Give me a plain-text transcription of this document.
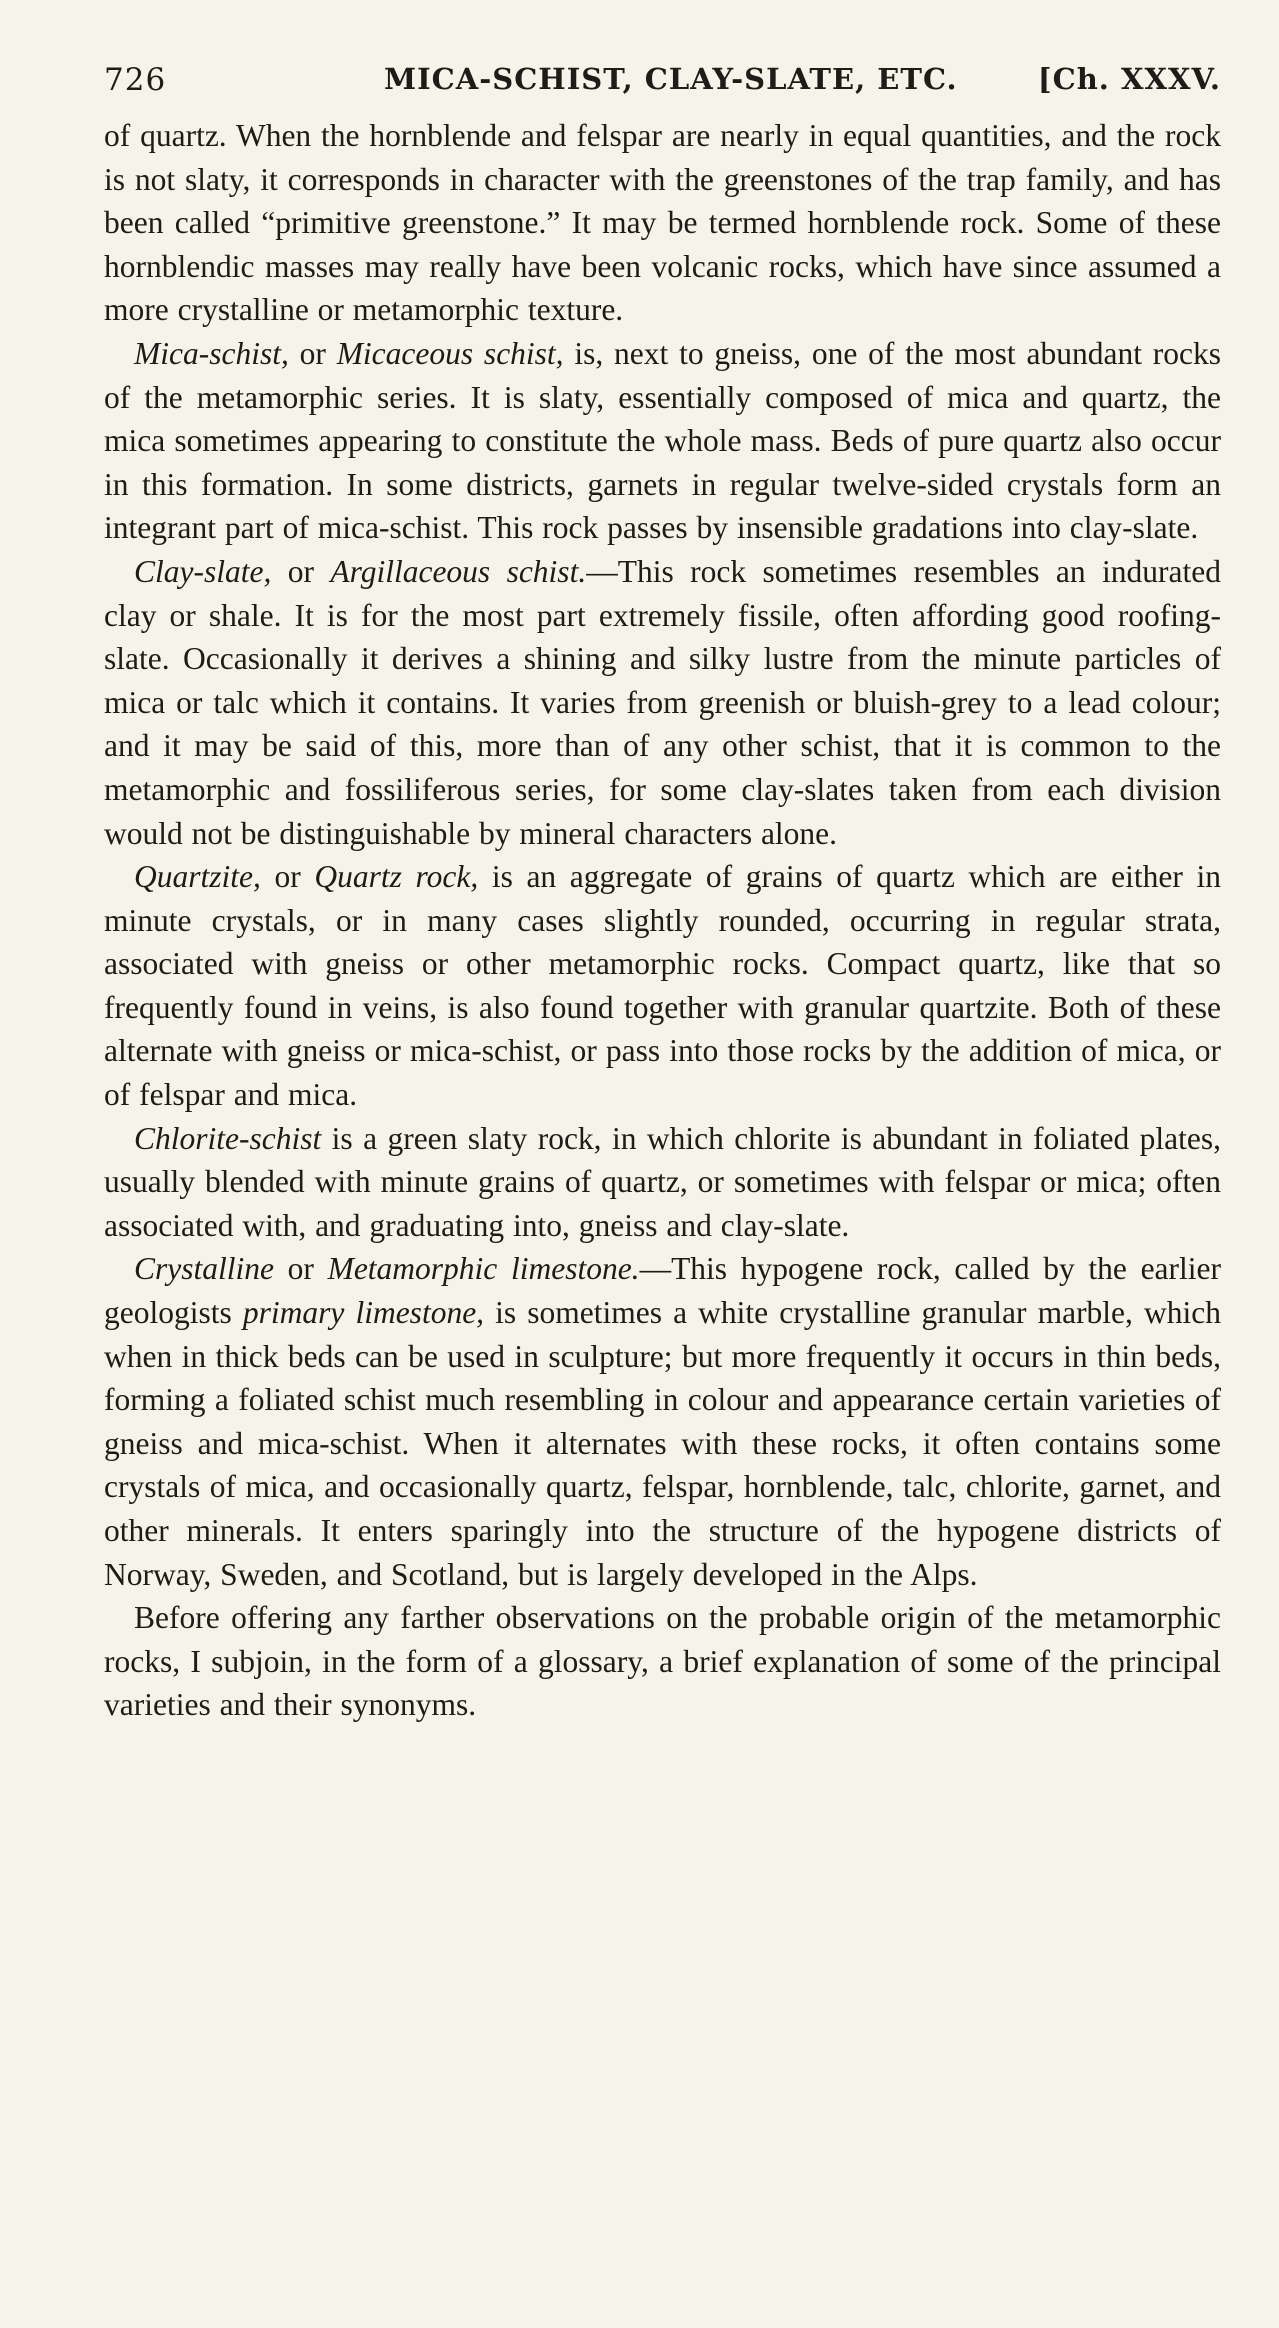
726	MICA-SCHIST, CLAY-SLATE, ETC.	[Ch. XXXV.

of quartz. When the hornblende and felspar are nearly in equal quantities, and the rock is not slaty, it corresponds in character with the greenstones of the trap family, and has been called “primitive greenstone.” It may be termed hornblende rock. Some of these hornblendic masses may really have been volcanic rocks, which have since assumed a more crystalline or metamorphic texture.

Mica-schist, or Micaceous schist, is, next to gneiss, one of the most abundant rocks of the metamorphic series. It is slaty, essentially composed of mica and quartz, the mica sometimes appearing to constitute the whole mass. Beds of pure quartz also occur in this formation. In some districts, garnets in regular twelve-sided crystals form an integrant part of mica-schist. This rock passes by insensible gradations into clay-slate.

Clay-slate, or Argillaceous schist.—This rock sometimes resembles an indurated clay or shale. It is for the most part extremely fissile, often affording good roofing-slate. Occasionally it derives a shining and silky lustre from the minute particles of mica or talc which it contains. It varies from greenish or bluish-grey to a lead colour; and it may be said of this, more than of any other schist, that it is common to the metamorphic and fossiliferous series, for some clay-slates taken from each division would not be distinguishable by mineral characters alone.

Quartzite, or Quartz rock, is an aggregate of grains of quartz which are either in minute crystals, or in many cases slightly rounded, occurring in regular strata, associated with gneiss or other metamorphic rocks. Compact quartz, like that so frequently found in veins, is also found together with granular quartzite. Both of these alternate with gneiss or mica-schist, or pass into those rocks by the addition of mica, or of felspar and mica.

Chlorite-schist is a green slaty rock, in which chlorite is abundant in foliated plates, usually blended with minute grains of quartz, or sometimes with felspar or mica; often associated with, and graduating into, gneiss and clay-slate.

Crystalline or Metamorphic limestone.—This hypogene rock, called by the earlier geologists primary limestone, is sometimes a white crystalline granular marble, which when in thick beds can be used in sculpture; but more frequently it occurs in thin beds, forming a foliated schist much resembling in colour and appearance certain varieties of gneiss and mica-schist. When it alternates with these rocks, it often contains some crystals of mica, and occasionally quartz, felspar, hornblende, talc, chlorite, garnet, and other minerals. It enters sparingly into the structure of the hypogene districts of Norway, Sweden, and Scotland, but is largely developed in the Alps.

Before offering any farther observations on the probable origin of the metamorphic rocks, I subjoin, in the form of a glossary, a brief explanation of some of the principal varieties and their synonyms.
